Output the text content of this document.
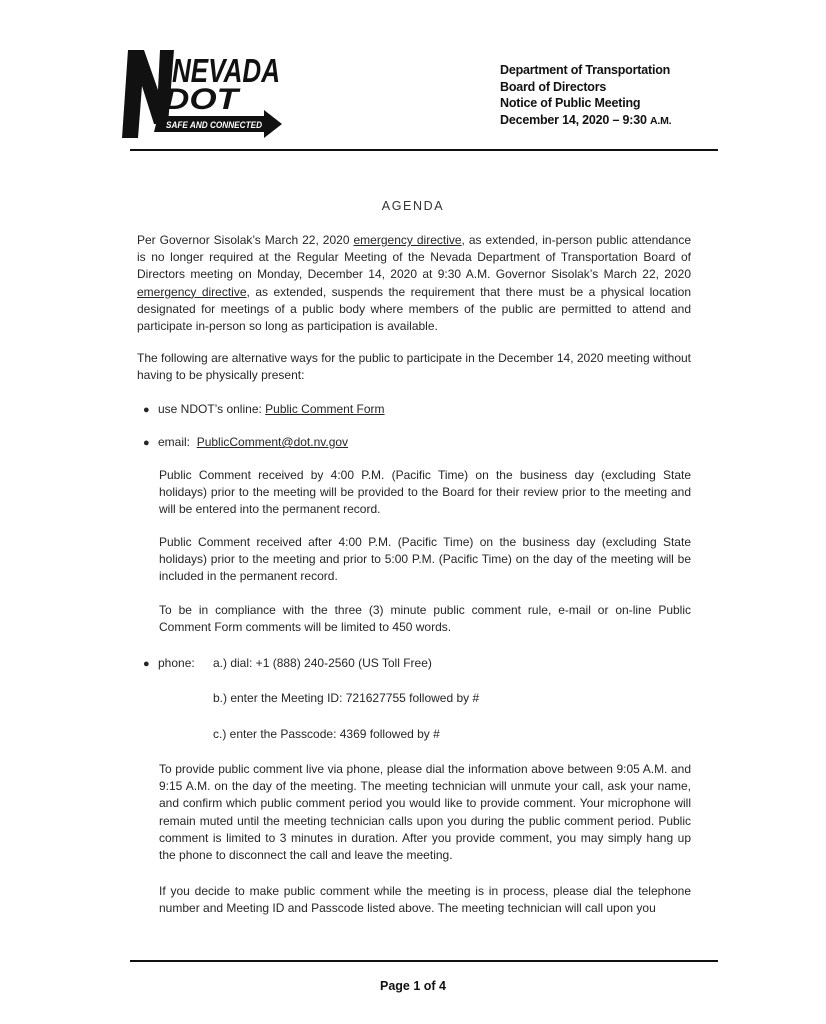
NEVADA
DOT
SAFE AND CONNECTED
Department of Transportation
Board of Directors
Notice of Public Meeting
December 14, 2020 – 9:30 A.M.
AGENDA
Per Governor Sisolak’s March 22, 2020 emergency directive, as extended, in-person public attendance is no longer required at the Regular Meeting of the Nevada Department of Transportation Board of Directors meeting on Monday, December 14, 2020 at 9:30 A.M. Governor Sisolak’s March 22, 2020 emergency directive, as extended, suspends the requirement that there must be a physical location designated for meetings of a public body where members of the public are permitted to attend and participate in-person so long as participation is available.
The following are alternative ways for the public to participate in the December 14, 2020 meeting without having to be physically present:
● use NDOT’s online: Public Comment Form
● email:  PublicComment@dot.nv.gov
Public Comment received by 4:00 P.M. (Pacific Time) on the business day (excluding State holidays) prior to the meeting will be provided to the Board for their review prior to the meeting and will be entered into the permanent record.
Public Comment received after 4:00 P.M. (Pacific Time) on the business day (excluding State holidays) prior to the meeting and prior to 5:00 P.M. (Pacific Time) on the day of the meeting will be included in the permanent record.
To be in compliance with the three (3) minute public comment rule, e-mail or on-line Public Comment Form comments will be limited to 450 words.
● phone: a.) dial: +1 (888) 240-2560 (US Toll Free)
b.) enter the Meeting ID: 721627755 followed by #
c.) enter the Passcode: 4369 followed by #
To provide public comment live via phone, please dial the information above between 9:05 A.M. and 9:15 A.M. on the day of the meeting. The meeting technician will unmute your call, ask your name, and confirm which public comment period you would like to provide comment. Your microphone will remain muted until the meeting technician calls upon you during the public comment period. Public comment is limited to 3 minutes in duration. After you provide comment, you may simply hang up the phone to disconnect the call and leave the meeting.
If you decide to make public comment while the meeting is in process, please dial the telephone number and Meeting ID and Passcode listed above. The meeting technician will call upon you
Page 1 of 4
